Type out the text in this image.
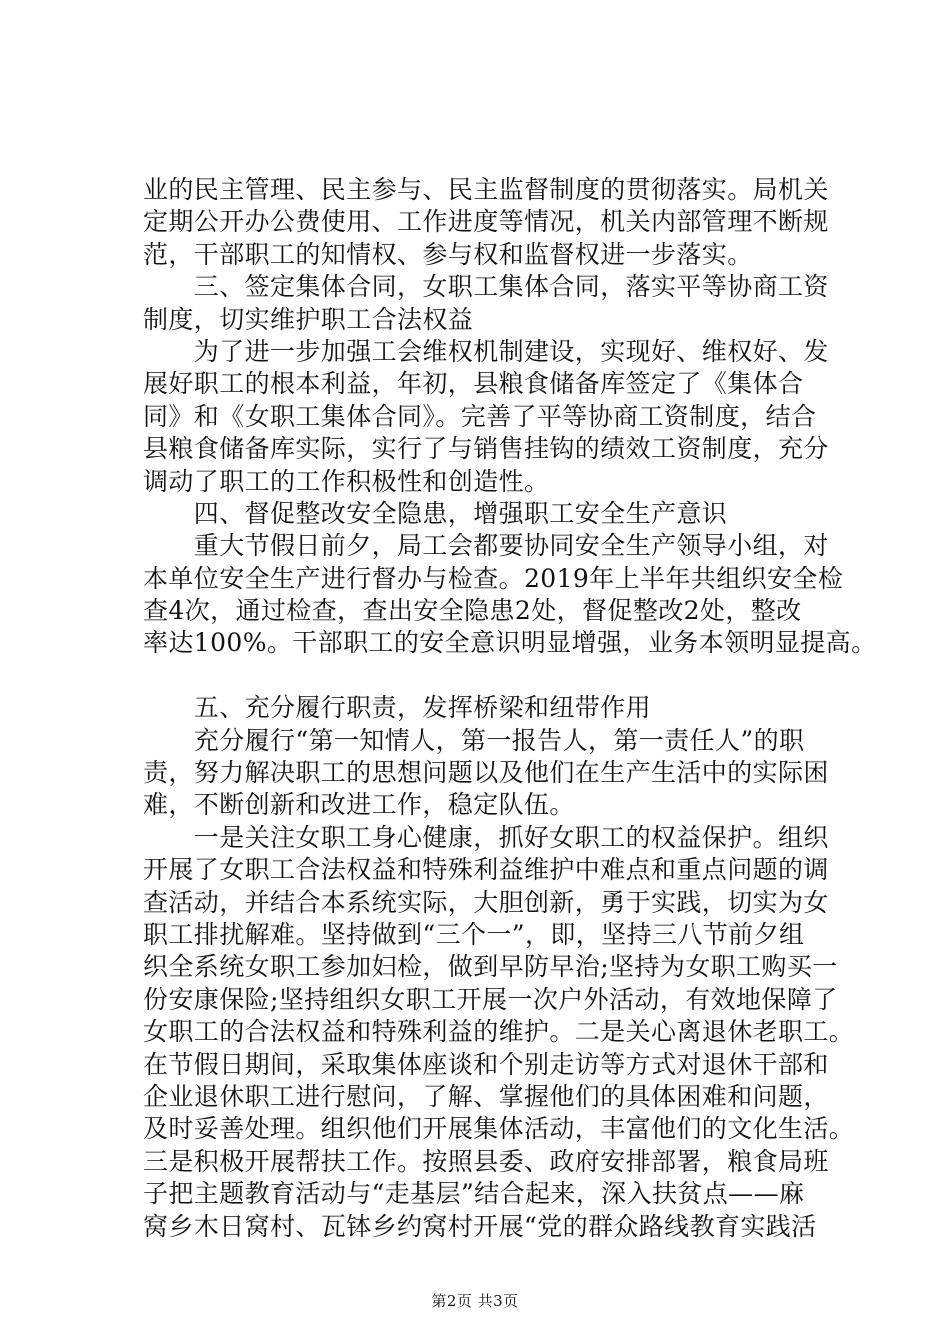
业的民主管理、民主参与、民主监督制度的贯彻落实。局机关
定期公开办公费使用、工作进度等情况，机关内部管理不断规
范，干部职工的知情权、参与权和监督权进一步落实。
　　三、签定集体合同，女职工集体合同，落实平等协商工资
制度，切实维护职工合法权益
　　为了进一步加强工会维权机制建设，实现好、维权好、发
展好职工的根本利益，年初，县粮食储备库签定了《集体合
同》和《女职工集体合同》。完善了平等协商工资制度，结合
县粮食储备库实际，实行了与销售挂钩的绩效工资制度，充分
调动了职工的工作积极性和创造性。
　　四、督促整改安全隐患，增强职工安全生产意识
　　重大节假日前夕，局工会都要协同安全生产领导小组，对
本单位安全生产进行督办与检查。2019年上半年共组织安全检
查4次，通过检查，查出安全隐患2处，督促整改2处，整改
率达100%。干部职工的安全意识明显增强，业务本领明显提高。
　　五、充分履行职责，发挥桥梁和纽带作用
　　充分履行“第一知情人，第一报告人，第一责任人”的职
责，努力解决职工的思想问题以及他们在生产生活中的实际困
难，不断创新和改进工作，稳定队伍。
　　一是关注女职工身心健康，抓好女职工的权益保护。组织
开展了女职工合法权益和特殊利益维护中难点和重点问题的调
查活动，并结合本系统实际，大胆创新，勇于实践，切实为女
职工排扰解难。坚持做到“三个一”，即，坚持三八节前夕组
织全系统女职工参加妇检，做到早防早治;坚持为女职工购买一
份安康保险;坚持组织女职工开展一次户外活动，有效地保障了
女职工的合法权益和特殊利益的维护。二是关心离退休老职工。
在节假日期间，采取集体座谈和个别走访等方式对退休干部和
企业退休职工进行慰问，了解、掌握他们的具体困难和问题，
及时妥善处理。组织他们开展集体活动，丰富他们的文化生活。
三是积极开展帮扶工作。按照县委、政府安排部署，粮食局班
子把主题教育活动与“走基层”结合起来，深入扶贫点——麻
窝乡木日窝村、瓦钵乡约窝村开展“党的群众路线教育实践活
第2页 共3页
